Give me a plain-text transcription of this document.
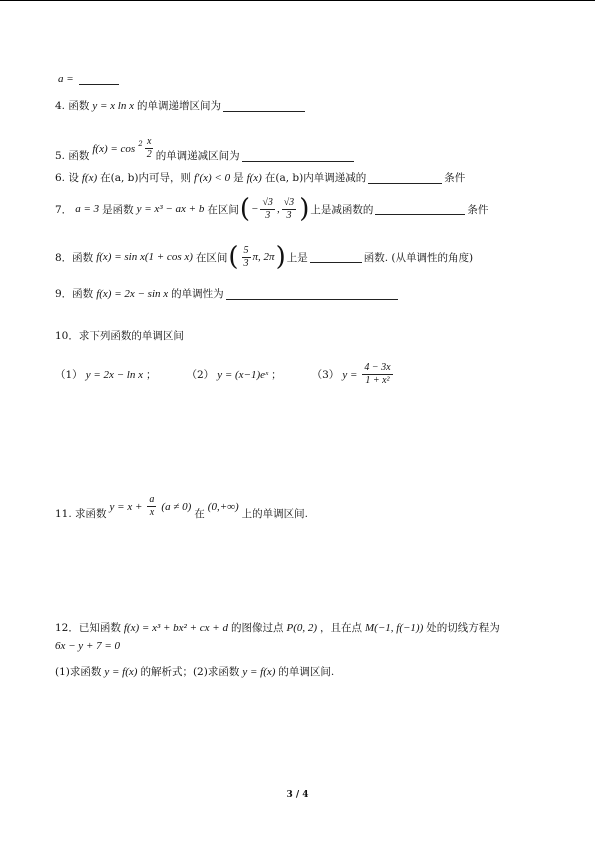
a =
4. 函数 y = x ln x 的单调递增区间为
5. 函数
$f(x) = \cos ^2 \frac{x}{2}$ 的单调递减区间为
6. 设 f(x) 在(a, b)内可导，则 f′(x) < 0 是 f(x) 在(a, b)内单调递减的	条件
7． a = 3 是函数 y = x³ − ax + b 在区间 ( − $\frac{√3}{3}$ , $\frac{√3}{3}$ ) 上是减函数的	条件
8．函数 f(x) = sin x(1 + cos x) 在区间 ( $\frac{5}{3} \pi$, 2π ) 上是	函数. (从单调性的角度)
9．函数 f(x) = 2x − sin x 的单调性为
10．求下列函数的单调区间
（1） y = 2x − ln x ；	（2） y = (x−1)eˣ ；	（3） $y = \frac{4 - 3x}{\text{1 + x²}}$
11. 求函数
$y = x + \frac{a}{x} (a \ne 0)$
在
(0,+∞)
上的单调区间.
12．已知函数 f(x) = x³ + bx² + cx + d 的图像过点 P(0, 2) ，且在点 M(−1, f(−1)) 处的切线方程为
6x − y + 7 = 0
(1)求函数 y = f(x) 的解析式；(2)求函数 y = f(x) 的单调区间.
3 / 4
